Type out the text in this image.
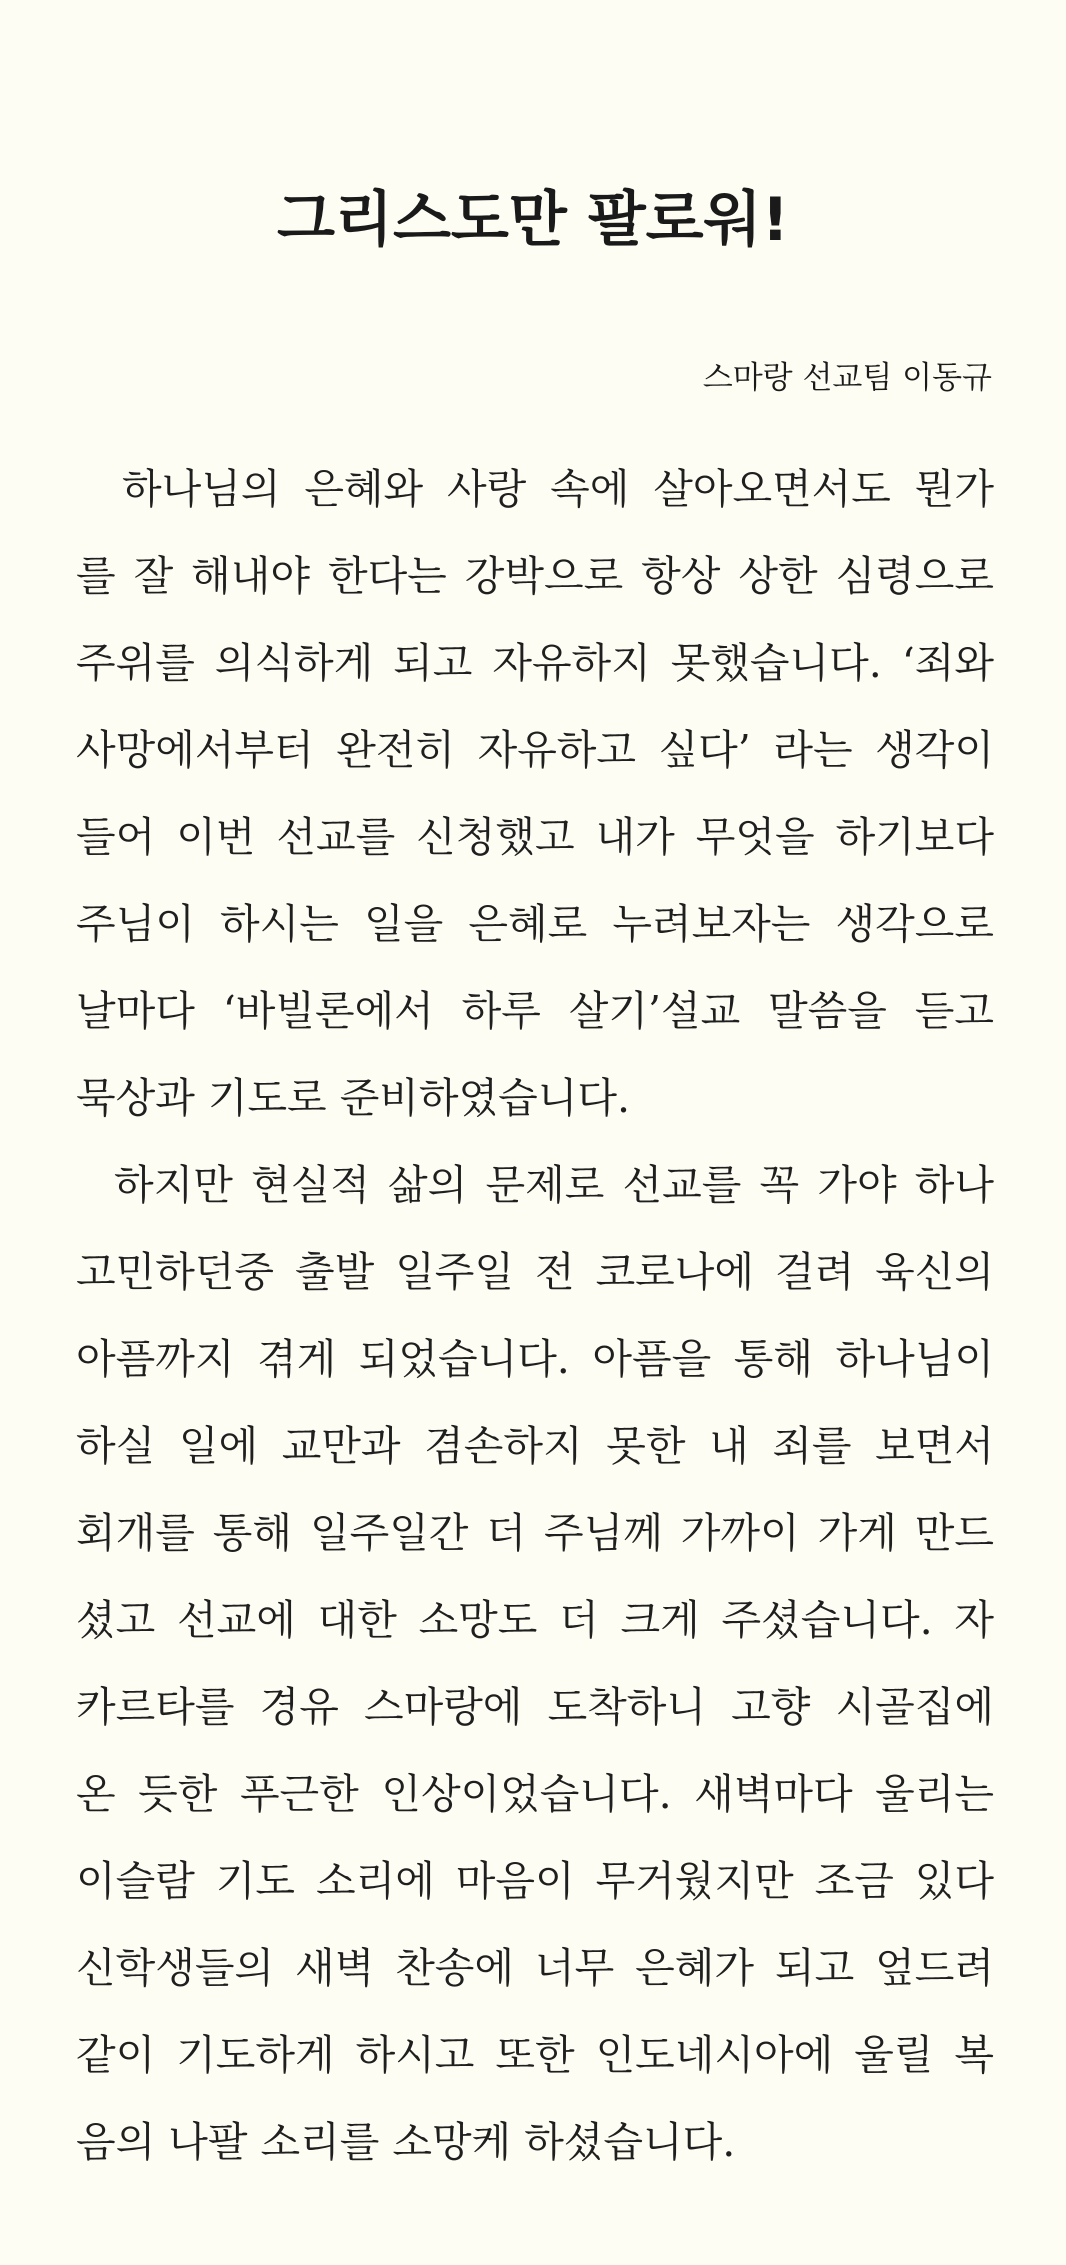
그리스도만 팔로워!
스마랑 선교팀 이동규
하나님의 은혜와 사랑 속에 살아오면서도 뭔가
를 잘 해내야 한다는 강박으로 항상 상한 심령으로
주위를 의식하게 되고 자유하지 못했습니다. ‘죄와
사망에서부터 완전히 자유하고 싶다’ 라는 생각이
들어 이번 선교를 신청했고 내가 무엇을 하기보다
주님이 하시는 일을 은혜로 누려보자는 생각으로
날마다 ‘바빌론에서 하루 살기’설교 말씀을 듣고
묵상과 기도로 준비하였습니다.
하지만 현실적 삶의 문제로 선교를 꼭 가야 하나
고민하던중 출발 일주일 전 코로나에 걸려 육신의
아픔까지 겪게 되었습니다. 아픔을 통해 하나님이
하실 일에 교만과 겸손하지 못한 내 죄를 보면서
회개를 통해 일주일간 더 주님께 가까이 가게 만드
셨고 선교에 대한 소망도 더 크게 주셨습니다. 자
카르타를 경유 스마랑에 도착하니 고향 시골집에
온 듯한 푸근한 인상이었습니다. 새벽마다 울리는
이슬람 기도 소리에 마음이 무거웠지만 조금 있다
신학생들의 새벽 찬송에 너무 은혜가 되고 엎드려
같이 기도하게 하시고 또한 인도네시아에 울릴 복
음의 나팔 소리를 소망케 하셨습니다.
